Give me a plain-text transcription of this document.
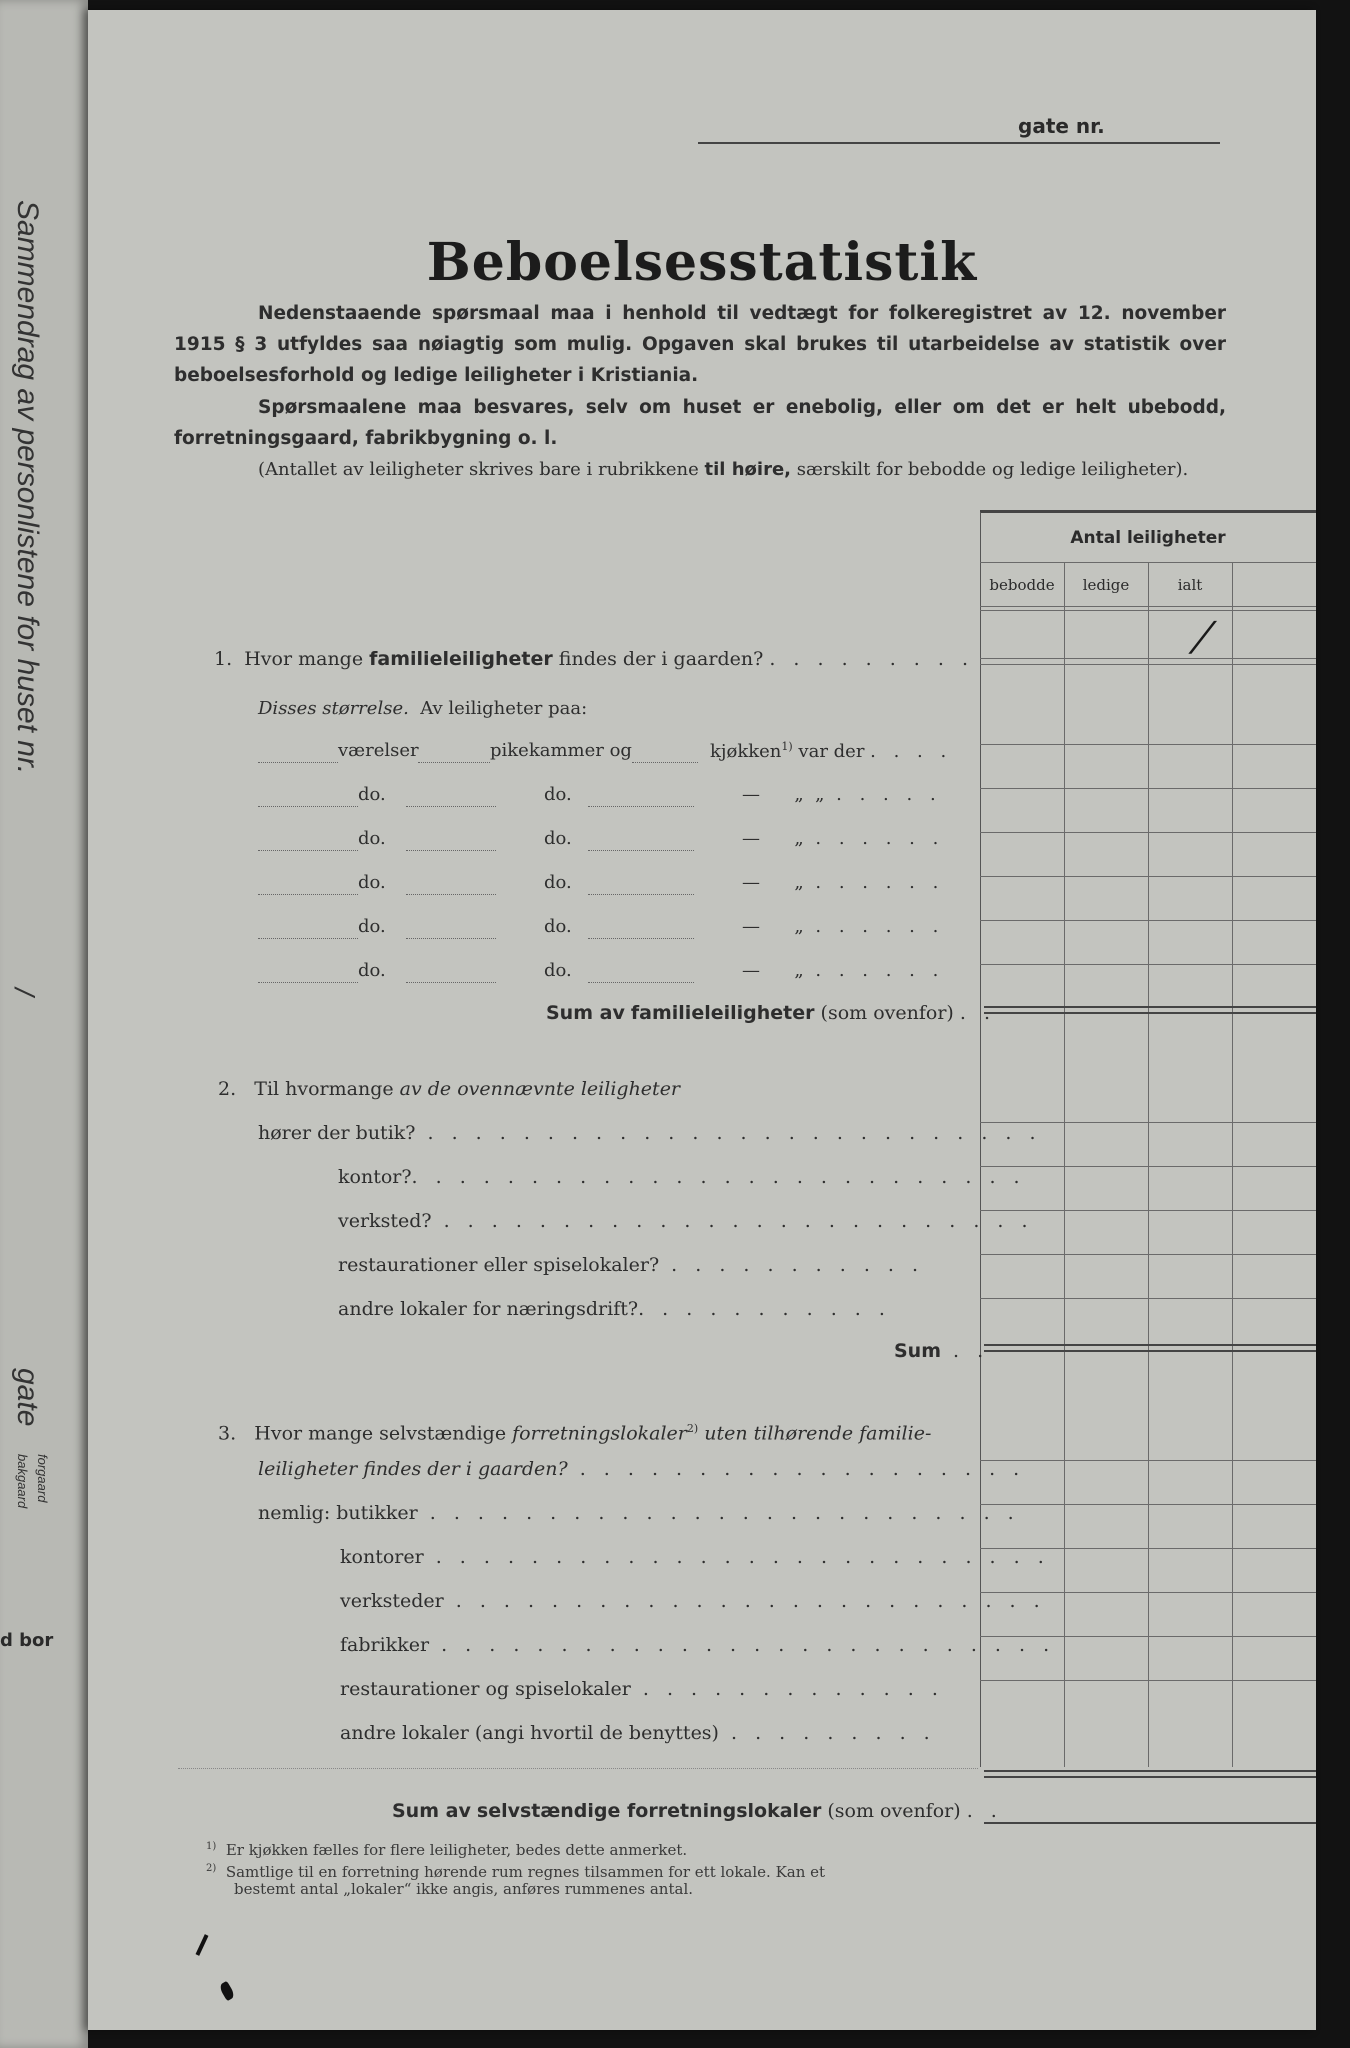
Sammendrag av personlistene for huset nr.
/
gate
forgaard
bakgaard
d bor
gate nr.
Beboelsesstatistik
Nedenstaaende spørsmaal maa i henhold til vedtægt for folkeregistret av 12. november 1915 § 3 utfyldes saa nøiagtig som mulig. Opgaven skal brukes til utarbeidelse av statistik over beboelsesforhold og ledige leiligheter i Kristiania.
Spørsmaalene maa besvares, selv om huset er enebolig, eller om det er helt ubebodd, forretningsgaard, fabrikbygning o. l.
(Antallet av leiligheter skrives bare i rubrikkene til høire, særskilt for bebodde og ledige leiligheter).
Antal leiligheter
bebodde	ledige	ialt
/
1. Hvor mange familieleiligheter findes der i gaarden? . . . . . . . . .
Disses størrelse. Av leiligheter paa:
værelser	pikekammer og	kjøkken$^{1)}$ var der . . . .
do.	do.	— „ „ . . . . .
do.	do.	— „ . . . . . .
do.	do.	— „ . . . . . .
do.	do.	— „ . . . . . .
do.	do.	— „ . . . . . .
Sum av familieleiligheter (som ovenfor) . .
2. Til hvormange av de ovennævnte leiligheter
hører der butik? . . . . . . . . . . . . . . . . . . . . . . . . . .
kontor?. . . . . . . . . . . . . . . . . . . . . . . . . .
verksted? . . . . . . . . . . . . . . . . . . . . . . . . .
restaurationer eller spiselokaler? . . . . . . . . . . .
andre lokaler for næringsdrift?. . . . . . . . . . .
Sum . .
3. Hvor mange selvstændige forretningslokaler$^{2)}$ uten tilhørende familie-
leiligheter findes der i gaarden? . . . . . . . . . . . . . . . . . . .
nemlig: butikker . . . . . . . . . . . . . . . . . . . . . . . . .
kontorer . . . . . . . . . . . . . . . . . . . . . . . . . .
verksteder . . . . . . . . . . . . . . . . . . . . . . . . .
fabrikker . . . . . . . . . . . . . . . . . . . . . . . . . .
restaurationer og spiselokaler . . . . . . . . . . . . .
andre lokaler (angi hvortil de benyttes) . . . . . . . . .
Sum av selvstændige forretningslokaler (som ovenfor) . .
$^{1)}$ Er kjøkken fælles for flere leiligheter, bedes dette anmerket.
$^{2)}$ Samtlige til en forretning hørende rum regnes tilsammen for ett lokale. Kan et
bestemt antal „lokaler“ ikke angis, anføres rummenes antal.
